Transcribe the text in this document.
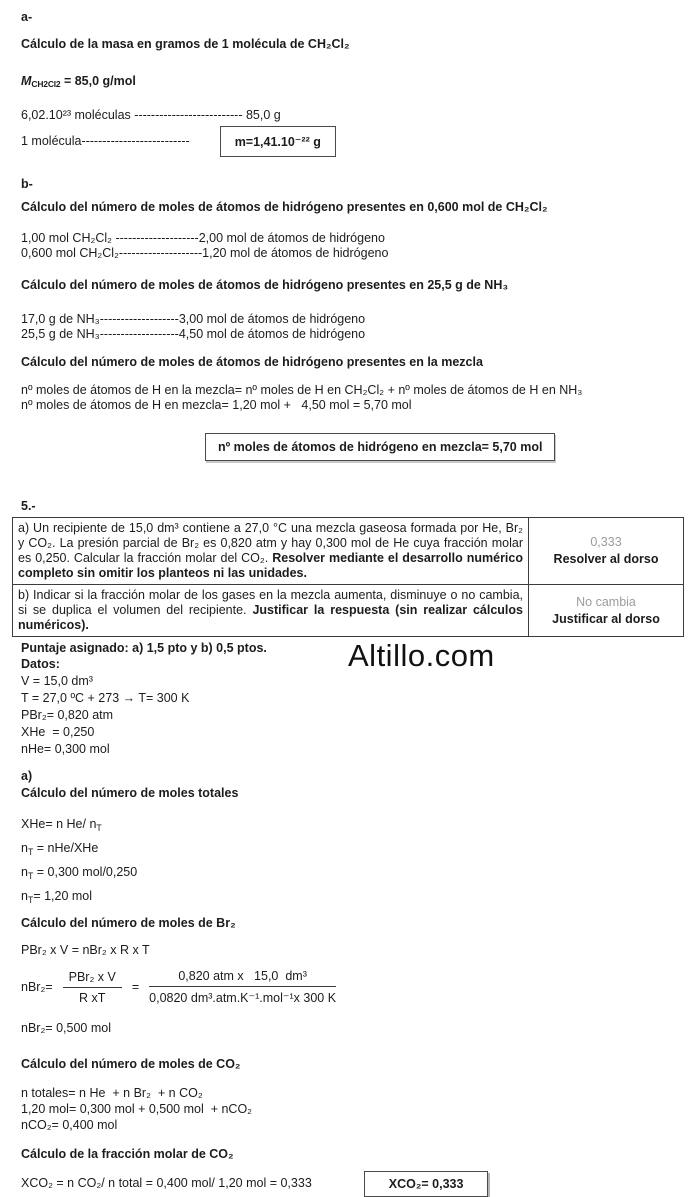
a-
Cálculo de la masa en gramos de 1 molécula de CH₂Cl₂
MCH2Cl2 = 85,0 g/mol
6,02.10²³ moléculas -------------------------- 85,0 g
1 molécula--------------------------	m=1,41.10⁻²² g
b-
Cálculo del número de moles de átomos de hidrógeno presentes en 0,600 mol de CH₂Cl₂
1,00 mol CH₂Cl₂ --------------------2,00 mol de átomos de hidrógeno
0,600 mol CH₂Cl₂--------------------1,20 mol de átomos de hidrógeno
Cálculo del número de moles de átomos de hidrógeno presentes en 25,5 g de NH₃
17,0 g de NH₃-------------------3,00 mol de átomos de hidrógeno
25,5 g de NH₃-------------------4,50 mol de átomos de hidrógeno
Cálculo del número de moles de átomos de hidrógeno presentes en la mezcla
nº moles de átomos de H en la mezcla= nº moles de H en CH₂Cl₂ + nº moles de átomos de H en NH₃
nº moles de átomos de H en mezcla= 1,20 mol +   4,50 mol = 5,70 mol
nº moles de átomos de hidrógeno en mezcla= 5,70 mol
5.-
a) Un recipiente de 15,0 dm³ contiene a 27,0 °C una mezcla gaseosa formada por He, Br₂ y CO₂. La presión parcial de Br₂ es 0,820 atm y hay 0,300 mol de He cuya fracción molar es 0,250. Calcular la fracción molar del CO₂. Resolver mediante el desarrollo numérico completo sin omitir los planteos ni las unidades.	0,333
Resolver al dorso

b) Indicar si la fracción molar de los gases en la mezcla aumenta, disminuye o no cambia, si se duplica el volumen del recipiente. Justificar la respuesta (sin realizar cálculos numéricos).	No cambia
Justificar al dorso
Puntaje asignado: a) 1,5 pto y b) 0,5 ptos.
Datos:
V = 15,0 dm³
T = 27,0 ºC + 273 → T= 300 K
PBr₂= 0,820 atm
XHe  = 0,250
nHe= 0,300 mol
a)
Cálculo del número de moles totales
XHe= n He/ $n_T$
$n_T = nHe/XHe$
$n_T = 0,300$ mol/0,250
$n_T= 1,20$ mol
Cálculo del número de moles de Br₂
PBr₂ x V = nBr₂ x R x T
$nBr_2= \frac{\text{PBr₂ x V}}{\text{R xT}} = \frac{\text{0,820 atm x   15,0  dm³}}{\text{0,0820 dm³.atm.K⁻¹.mol⁻¹x 300 K}}$
nBr₂= 0,500 mol
Cálculo del número de moles de CO₂
n totales= n He  + n Br₂  + n CO₂
1,20 mol= 0,300 mol + 0,500 mol  + nCO₂
nCO₂= 0,400 mol
Cálculo de la fracción molar de CO₂
XCO₂ = n CO₂/ n total = 0,400 mol/ 1,20 mol = 0,333	XCO₂= 0,333
Altillo.com
